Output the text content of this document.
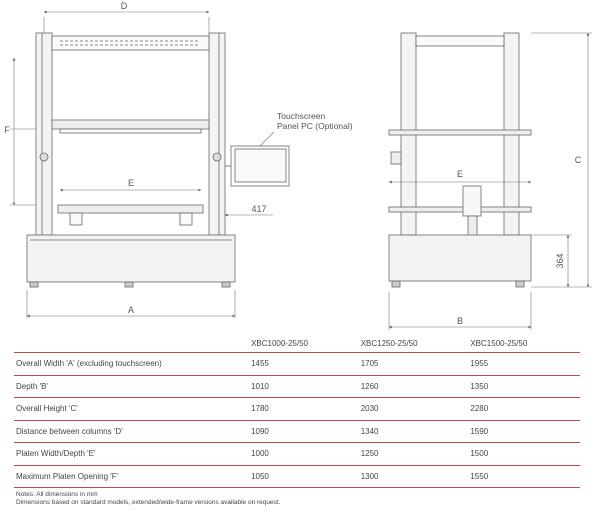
D
F
E
A
417
Touchscreen
Panel PC (Optional)
C
364
E
B
	XBC1000-25/50	XBC1250-25/50	XBC1500-25/50
Overall Width 'A' (excluding touchscreen)	1455	1705	1955
Depth 'B'	1010	1260	1350
Overall Height 'C'	1780	2030	2280
Distance between columns 'D'	1090	1340	1590
Platen Width/Depth 'E'	1000	1250	1500
Maximum Platen Opening 'F'	1050	1300	1550
Notes: All dimensions in mm
Dimensions based on standard models, extended/wide-frame versions available on request.
